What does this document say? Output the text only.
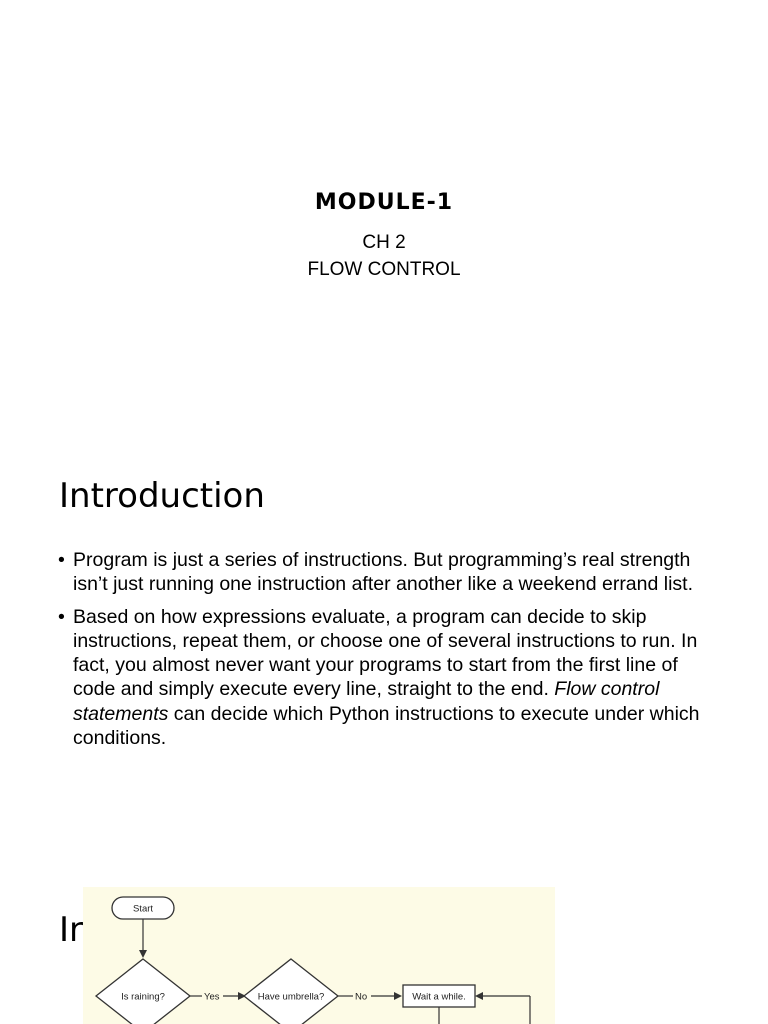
MODULE-1
CH 2
FLOW CONTROL
Introduction
• Program is just a series of instructions. But programming’s real strength isn’t just running one instruction after another like a weekend errand list.
• Based on how expressions evaluate, a program can decide to skip instructions, repeat them, or choose one of several instructions to run. In fact, you almost never want your programs to start from the first line of code and simply execute every line, straight to the end. Flow control statements can decide which Python instructions to execute under which conditions.
Ir
Start
Is raining?	Yes	Have umbrella?	No	Wait a while.
